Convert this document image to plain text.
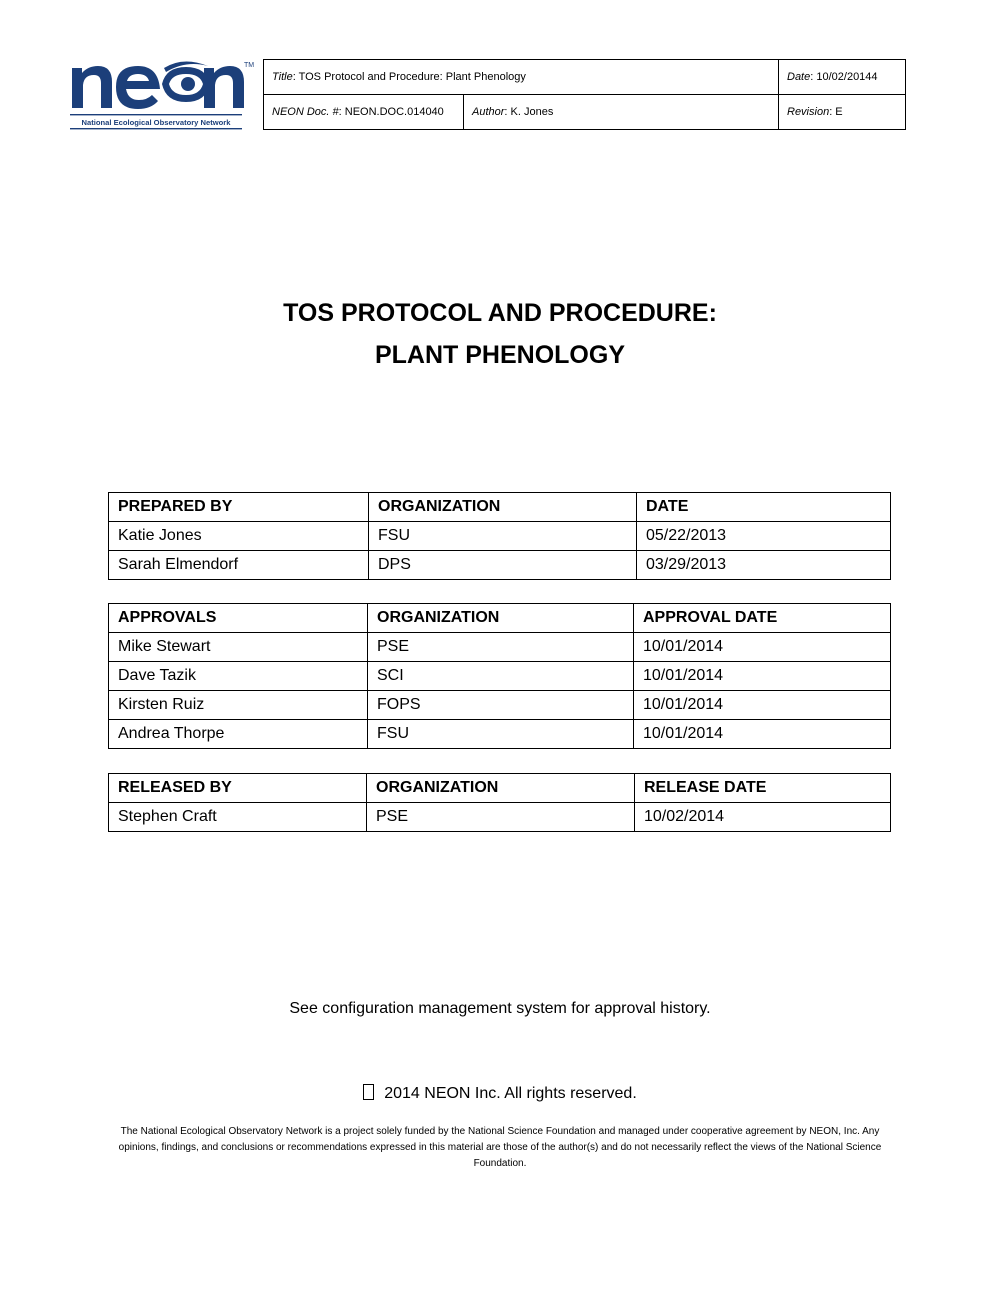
TM
National Ecological Observatory Network
Title: TOS Protocol and Procedure: Plant Phenology		Date: 10/02/20144
NEON Doc. #: NEON.DOC.014040	Author: K. Jones	Revision: E
TOS PROTOCOL AND PROCEDURE:
PLANT PHENOLOGY
PREPARED BY	ORGANIZATION	DATE
Katie Jones	FSU	05/22/2013
Sarah Elmendorf	DPS	03/29/2013
APPROVALS	ORGANIZATION	APPROVAL DATE
Mike Stewart	PSE	10/01/2014
Dave Tazik	SCI	10/01/2014
Kirsten Ruiz	FOPS	10/01/2014
Andrea Thorpe	FSU	10/01/2014
RELEASED BY	ORGANIZATION	RELEASE DATE
Stephen Craft	PSE	10/02/2014
See configuration management system for approval history.
2014 NEON Inc. All rights reserved.
The National Ecological Observatory Network is a project solely funded by the National Science Foundation and managed under cooperative agreement by NEON, Inc. Any opinions, findings, and conclusions or recommendations expressed in this material are those of the author(s) and do not necessarily reflect the views of the National Science Foundation.
